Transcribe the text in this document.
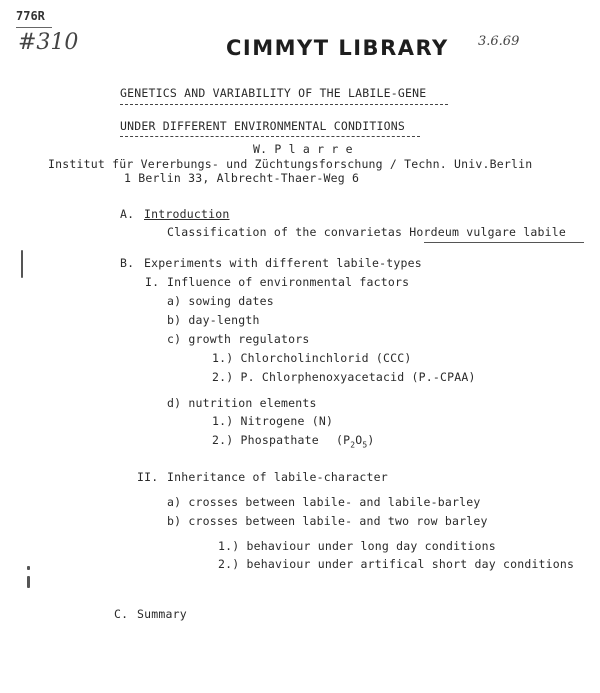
776R
#310	3.6.69
CIMMYT LIBRARY
GENETICS AND VARIABILITY OF THE LABILE-GENE
UNDER DIFFERENT ENVIRONMENTAL CONDITIONS
W. P l a r r e
Institut für Vererbungs- und Züchtungsforschung / Techn. Univ.Berlin
1 Berlin 33, Albrecht-Thaer-Weg 6
A. Introduction
Classification of the convarietas Hordeum vulgare labile
B. Experiments with different labile-types
I. Influence of environmental factors
a) sowing dates
b) day-length
c) growth regulators
1.) Chlorcholinchlorid (CCC)
2.) P. Chlorphenoxyacetacid (P.-CPAA)
d) nutrition elements
1.) Nitrogene (N)
2.) Phospathate $(P_2O_5)$
II. Inheritance of labile-character
a) crosses between labile- and labile-barley
b) crosses between labile- and two row barley
1.) behaviour under long day conditions
2.) behaviour under artifical short day conditions
C. Summary
